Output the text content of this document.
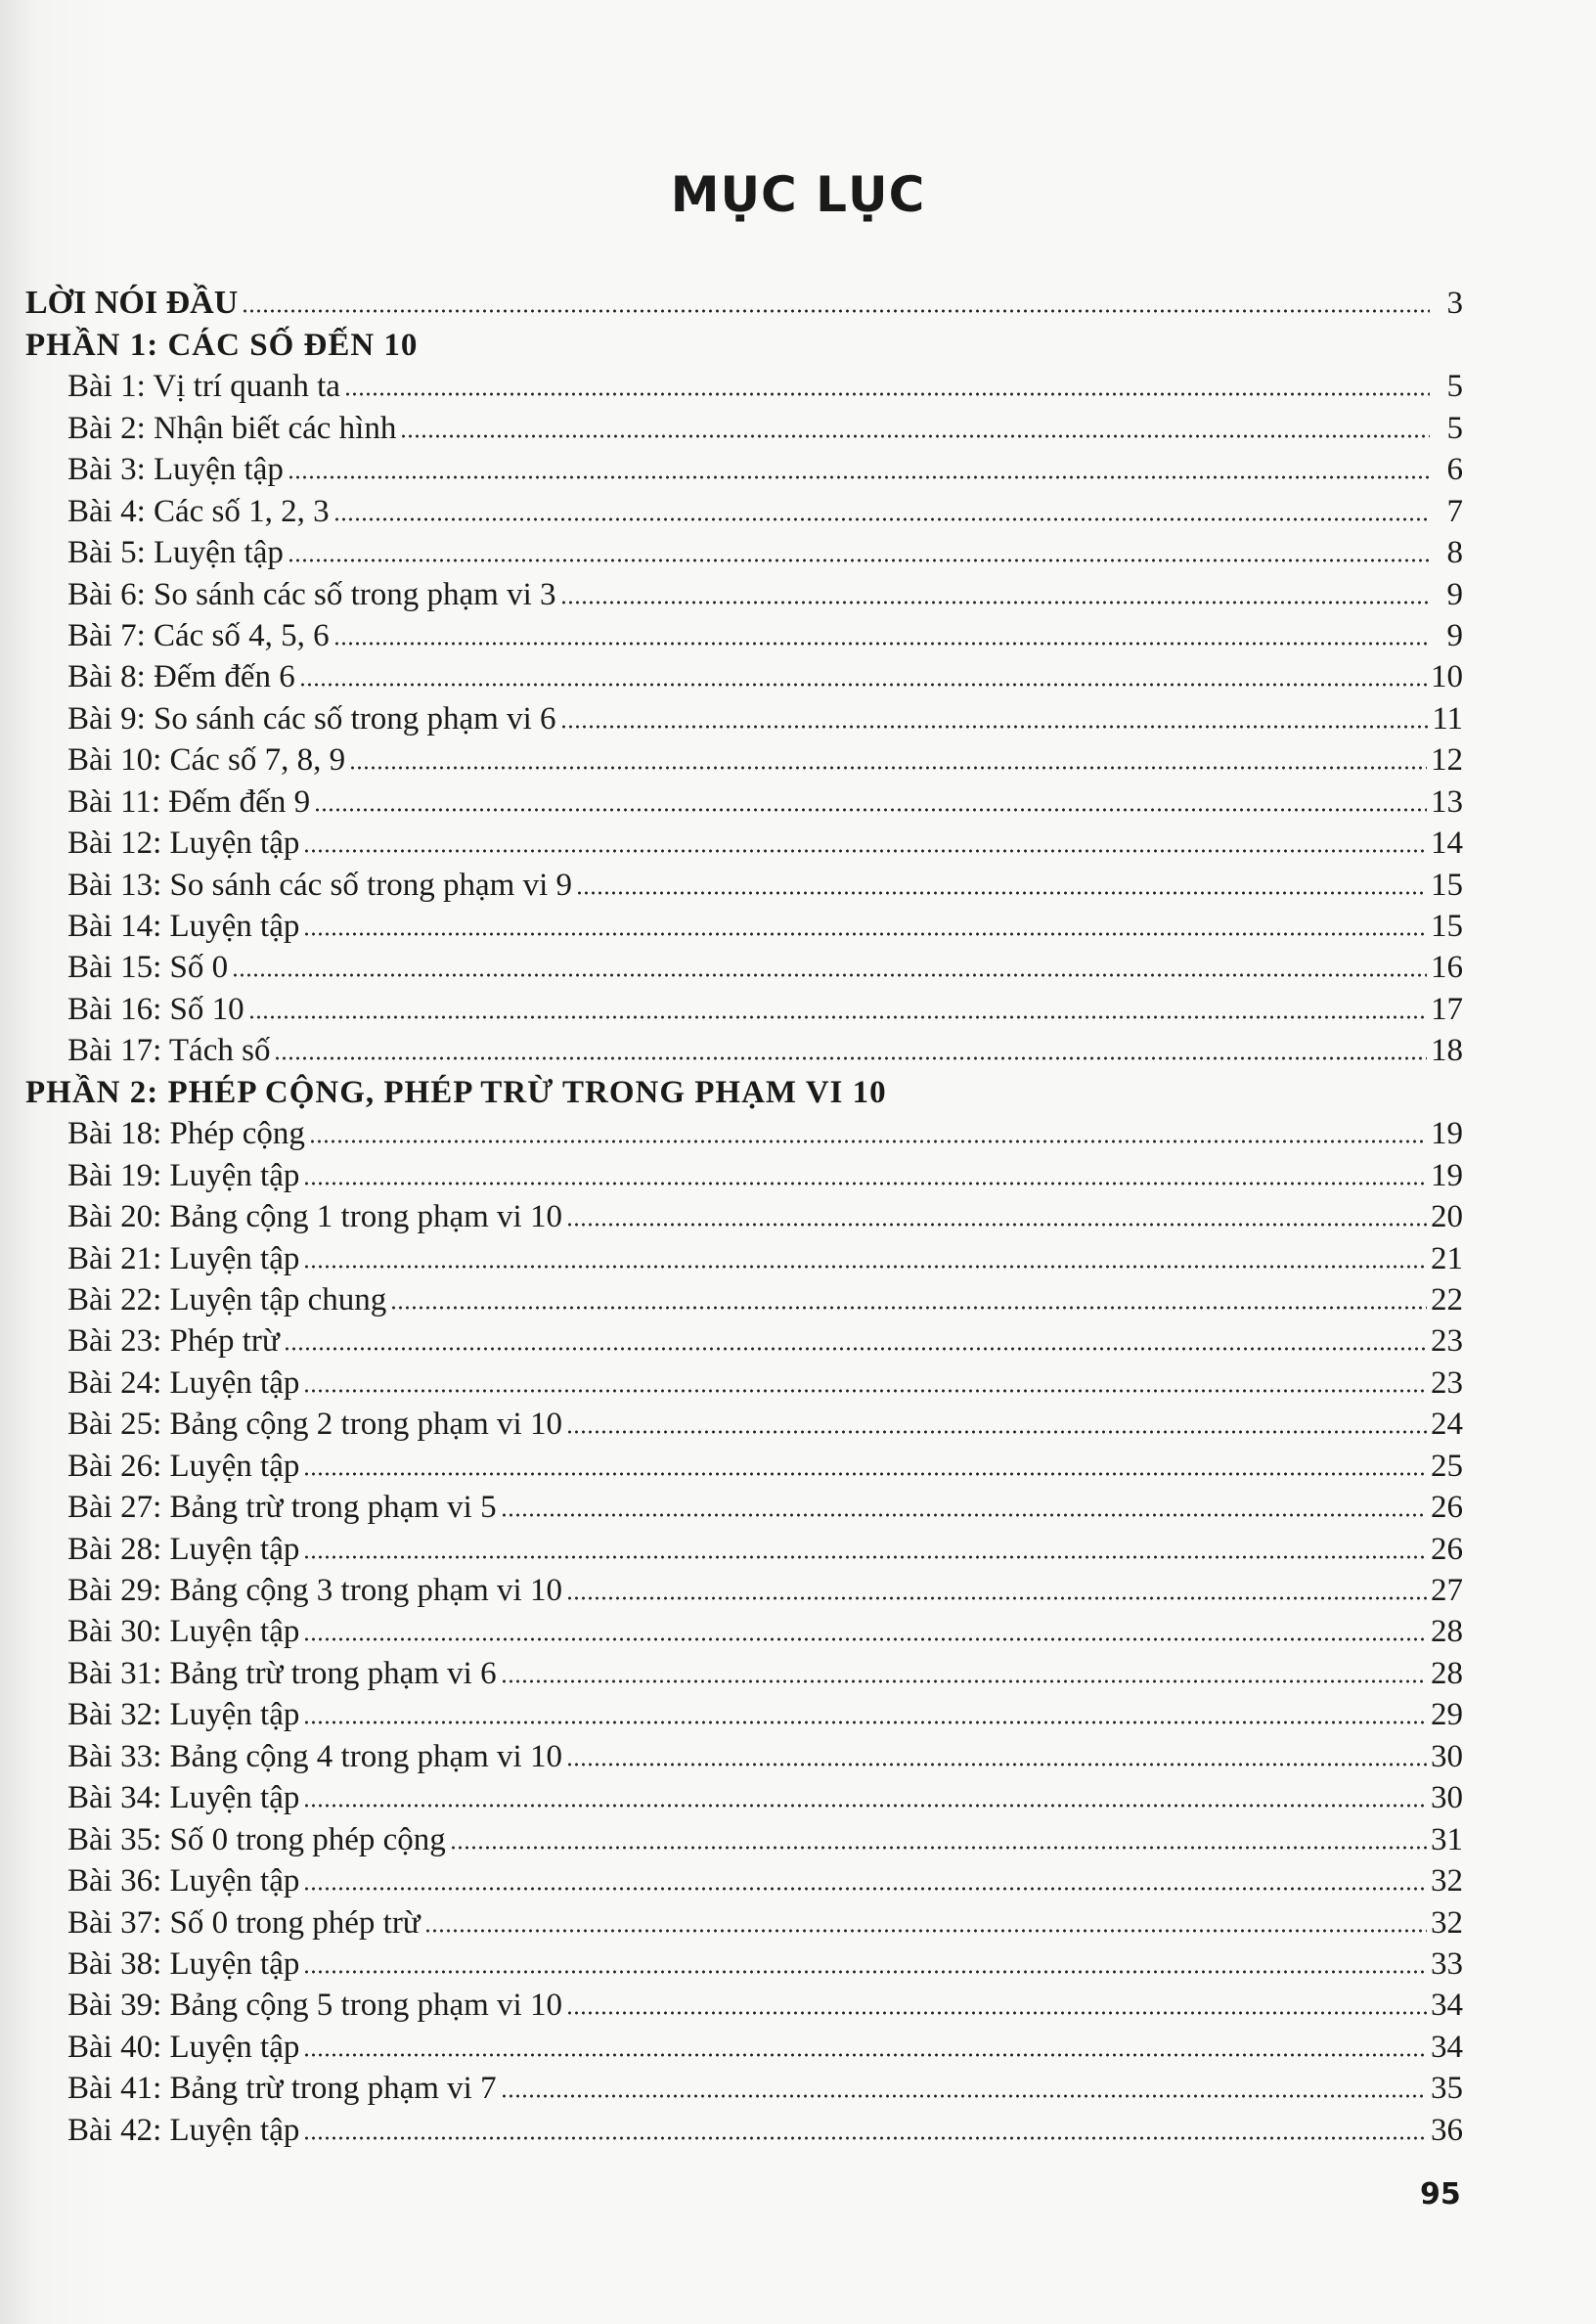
MỤC LỤC
LỜI NÓI ĐẦU	3
PHẦN 1: CÁC SỐ ĐẾN 10
Bài 1: Vị trí quanh ta	5
Bài 2: Nhận biết các hình	5
Bài 3: Luyện tập	6
Bài 4: Các số 1, 2, 3	7
Bài 5: Luyện tập	8
Bài 6: So sánh các số trong phạm vi 3	9
Bài 7: Các số 4, 5, 6	9
Bài 8: Đếm đến 6	10
Bài 9: So sánh các số trong phạm vi 6	11
Bài 10: Các số 7, 8, 9	12
Bài 11: Đếm đến 9	13
Bài 12: Luyện tập	14
Bài 13: So sánh các số trong phạm vi 9	15
Bài 14: Luyện tập	15
Bài 15: Số 0	16
Bài 16: Số 10	17
Bài 17: Tách số	18
PHẦN 2: PHÉP CỘNG, PHÉP TRỪ TRONG PHẠM VI 10
Bài 18: Phép cộng	19
Bài 19: Luyện tập	19
Bài 20: Bảng cộng 1 trong phạm vi 10	20
Bài 21: Luyện tập	21
Bài 22: Luyện tập chung	22
Bài 23: Phép trừ	23
Bài 24: Luyện tập	23
Bài 25: Bảng cộng 2 trong phạm vi 10	24
Bài 26: Luyện tập	25
Bài 27: Bảng trừ trong phạm vi 5	26
Bài 28: Luyện tập	26
Bài 29: Bảng cộng 3 trong phạm vi 10	27
Bài 30: Luyện tập	28
Bài 31: Bảng trừ trong phạm vi 6	28
Bài 32: Luyện tập	29
Bài 33: Bảng cộng 4 trong phạm vi 10	30
Bài 34: Luyện tập	30
Bài 35: Số 0 trong phép cộng	31
Bài 36: Luyện tập	32
Bài 37: Số 0 trong phép trừ	32
Bài 38: Luyện tập	33
Bài 39: Bảng cộng 5 trong phạm vi 10	34
Bài 40: Luyện tập	34
Bài 41: Bảng trừ trong phạm vi 7	35
Bài 42: Luyện tập	36
95
